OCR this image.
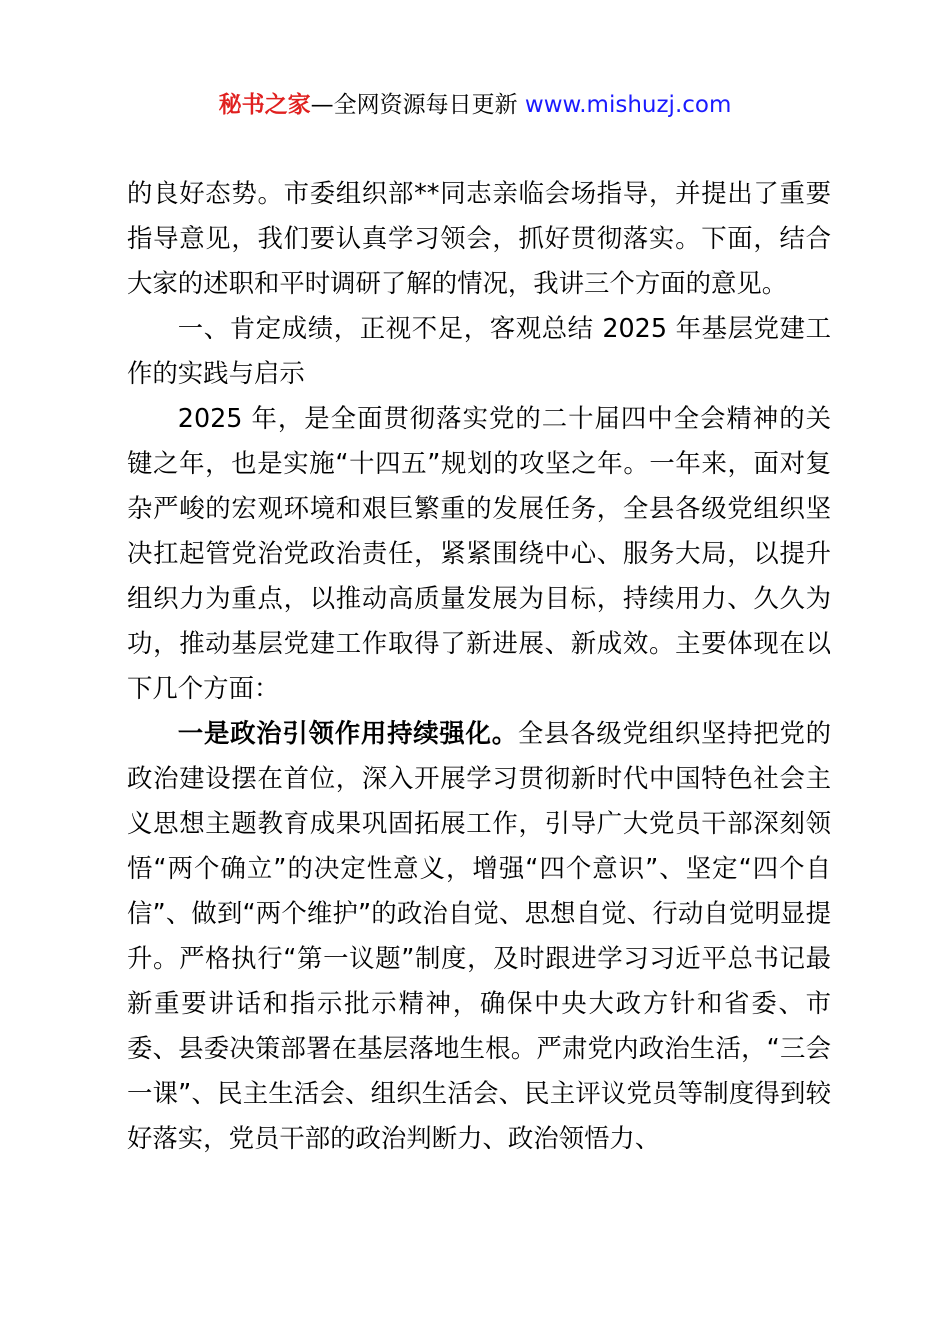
秘书之家—全网资源每日更新 www.mishuzj.com

的良好态势。市委组织部**同志亲临会场指导，并提出了重要指导意见，我们要认真学习领会，抓好贯彻落实。下面，结合大家的述职和平时调研了解的情况，我讲三个方面的意见。

一、肯定成绩，正视不足，客观总结 2025 年基层党建工作的实践与启示

2025 年，是全面贯彻落实党的二十届四中全会精神的关键之年，也是实施“十四五”规划的攻坚之年。一年来，面对复杂严峻的宏观环境和艰巨繁重的发展任务，全县各级党组织坚决扛起管党治党政治责任，紧紧围绕中心、服务大局，以提升组织力为重点，以推动高质量发展为目标，持续用力、久久为功，推动基层党建工作取得了新进展、新成效。主要体现在以下几个方面：

一是政治引领作用持续强化。全县各级党组织坚持把党的政治建设摆在首位，深入开展学习贯彻新时代中国特色社会主义思想主题教育成果巩固拓展工作，引导广大党员干部深刻领悟“两个确立”的决定性意义，增强“四个意识”、坚定“四个自信”、做到“两个维护”的政治自觉、思想自觉、行动自觉明显提升。严格执行“第一议题”制度，及时跟进学习习近平总书记最新重要讲话和指示批示精神，确保中央大政方针和省委、市委、县委决策部署在基层落地生根。严肃党内政治生活，“三会一课”、民主生活会、组织生活会、民主评议党员等制度得到较好落实，党员干部的政治判断力、政治领悟力、
